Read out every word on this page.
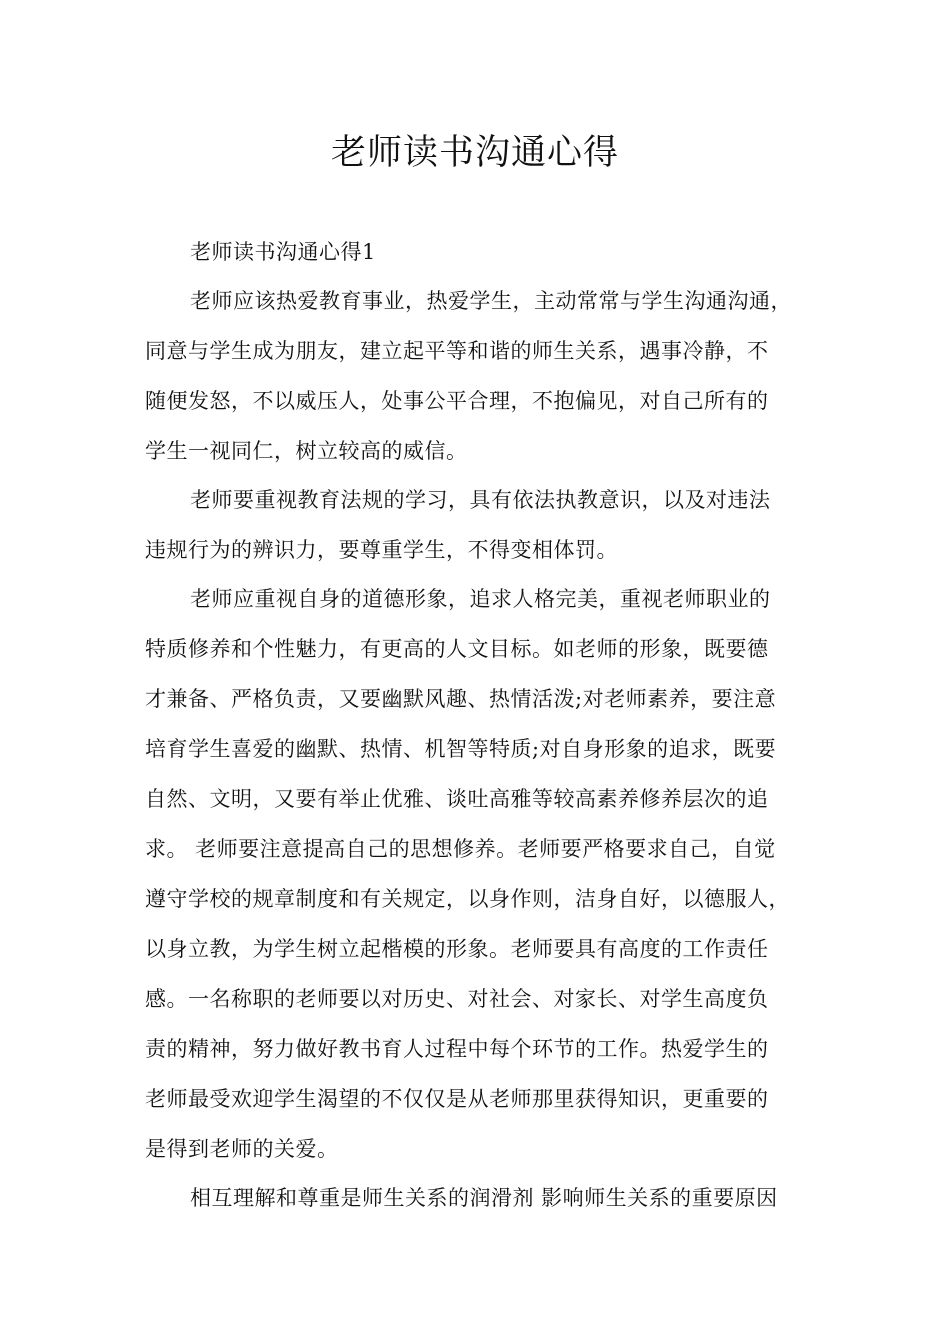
老师读书沟通心得
老师读书沟通心得1
老师应该热爱教育事业，热爱学生，主动常常与学生沟通沟通，
同意与学生成为朋友，建立起平等和谐的师生关系，遇事冷静，不
随便发怒，不以威压人，处事公平合理，不抱偏见，对自己所有的
学生一视同仁，树立较高的威信。
老师要重视教育法规的学习，具有依法执教意识，以及对违法
违规行为的辨识力，要尊重学生，不得变相体罚。
老师应重视自身的道德形象，追求人格完美，重视老师职业的
特质修养和个性魅力，有更高的人文目标。如老师的形象，既要德
才兼备、严格负责，又要幽默风趣、热情活泼;对老师素养，要注意
培育学生喜爱的幽默、热情、机智等特质;对自身形象的追求，既要
自然、文明，又要有举止优雅、谈吐高雅等较高素养修养层次的追
求。 老师要注意提高自己的思想修养。老师要严格要求自己，自觉
遵守学校的规章制度和有关规定，以身作则，洁身自好，以德服人，
以身立教，为学生树立起楷模的形象。老师要具有高度的工作责任
感。一名称职的老师要以对历史、对社会、对家长、对学生高度负
责的精神，努力做好教书育人过程中每个环节的工作。热爱学生的
老师最受欢迎学生渴望的不仅仅是从老师那里获得知识，更重要的
是得到老师的关爱。
相互理解和尊重是师生关系的润滑剂 影响师生关系的重要原因
